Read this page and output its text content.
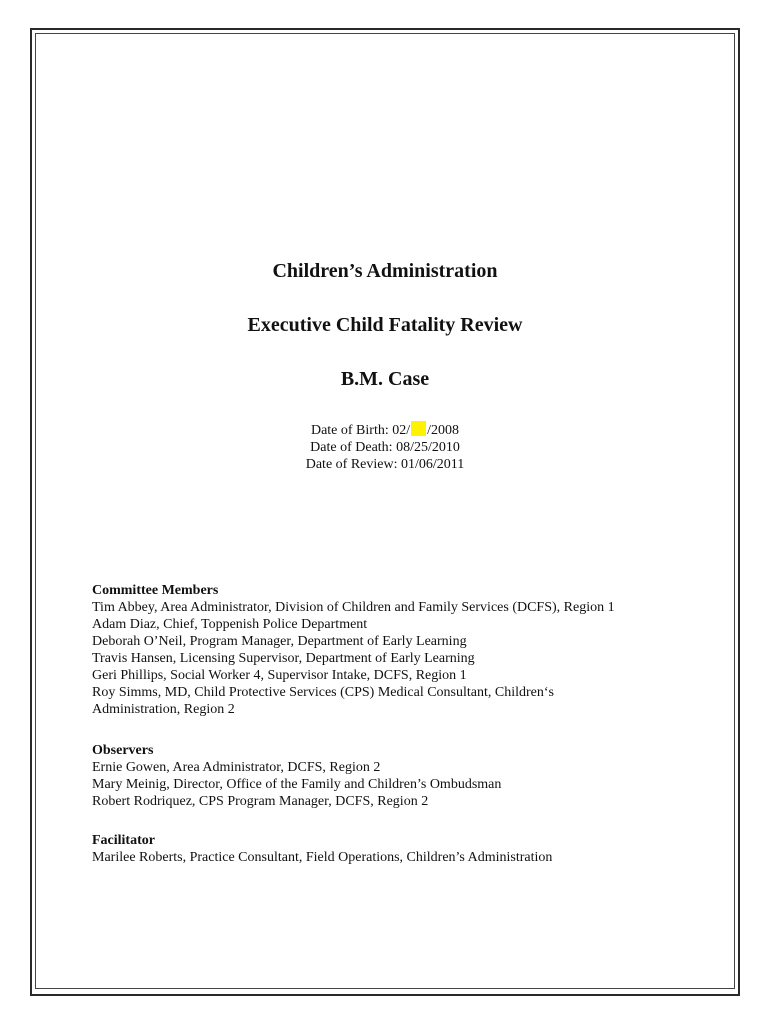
Children’s Administration
Executive Child Fatality Review
B.M. Case
Date of Birth: 02/ /2008
Date of Death: 08/25/2010
Date of Review: 01/06/2011
Committee Members
Tim Abbey, Area Administrator, Division of Children and Family Services (DCFS), Region 1
Adam Diaz, Chief, Toppenish Police Department
Deborah O’Neil, Program Manager, Department of Early Learning
Travis Hansen, Licensing Supervisor, Department of Early Learning
Geri Phillips, Social Worker 4, Supervisor Intake, DCFS, Region 1
Roy Simms, MD, Child Protective Services (CPS) Medical Consultant, Children‘s
Administration, Region 2
Observers
Ernie Gowen, Area Administrator, DCFS, Region 2
Mary Meinig, Director, Office of the Family and Children’s Ombudsman
Robert Rodriquez, CPS Program Manager, DCFS, Region 2
Facilitator
Marilee Roberts, Practice Consultant, Field Operations, Children’s Administration
